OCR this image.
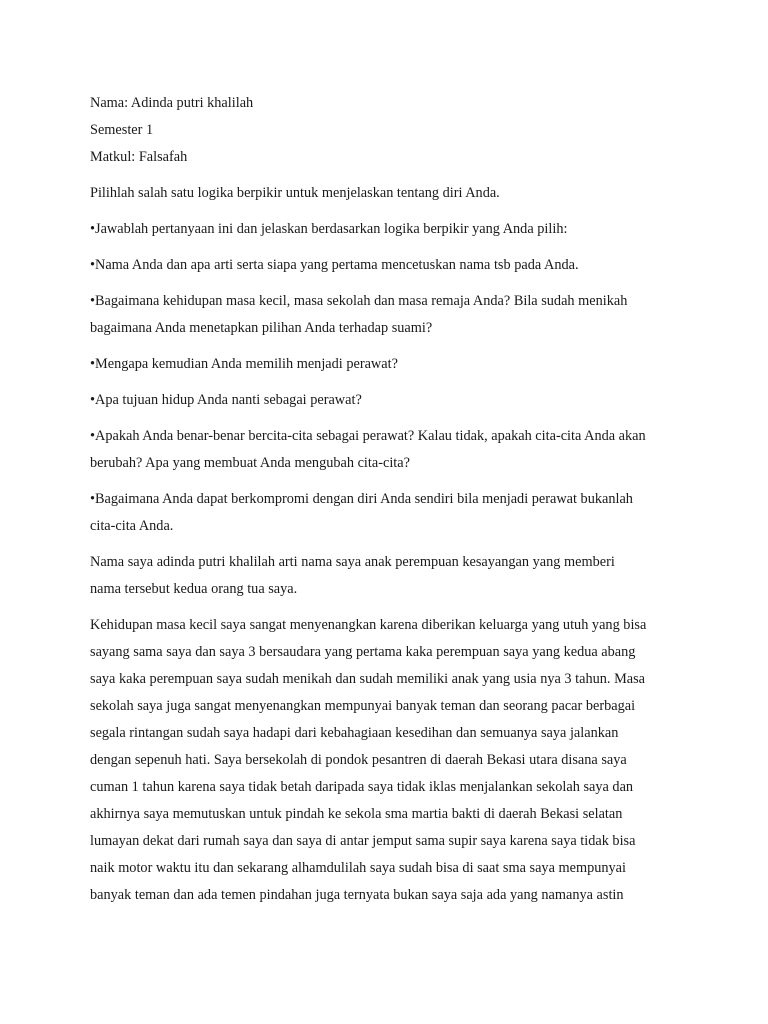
Nama: Adinda putri khalilah

Semester 1

Matkul: Falsafah

Pilihlah salah satu logika berpikir untuk menjelaskan tentang diri Anda.

•Jawablah pertanyaan ini dan jelaskan berdasarkan logika berpikir yang Anda pilih:

•Nama Anda dan apa arti serta siapa yang pertama mencetuskan nama tsb pada Anda.

•Bagaimana kehidupan masa kecil, masa sekolah dan masa remaja Anda? Bila sudah menikah

bagaimana Anda menetapkan pilihan Anda terhadap suami?

•Mengapa kemudian Anda memilih menjadi perawat?

•Apa tujuan hidup Anda nanti sebagai perawat?

•Apakah Anda benar-benar bercita-cita sebagai perawat? Kalau tidak, apakah cita-cita Anda akan

berubah? Apa yang membuat Anda mengubah cita-cita?

•Bagaimana Anda dapat berkompromi dengan diri Anda sendiri bila menjadi perawat bukanlah

cita-cita Anda.

Nama saya adinda putri khalilah arti nama saya anak perempuan kesayangan yang memberi

nama tersebut kedua orang tua saya.

Kehidupan masa kecil saya sangat menyenangkan karena diberikan keluarga yang utuh yang bisa

sayang sama saya dan saya 3 bersaudara yang pertama kaka perempuan saya yang kedua abang

saya kaka perempuan saya sudah menikah dan sudah memiliki anak yang usia nya 3 tahun. Masa

sekolah saya juga sangat menyenangkan mempunyai banyak teman dan seorang pacar berbagai

segala rintangan sudah saya hadapi dari kebahagiaan kesedihan dan semuanya saya jalankan

dengan sepenuh hati. Saya bersekolah di pondok pesantren di daerah Bekasi utara disana saya

cuman 1 tahun karena saya tidak betah daripada saya tidak iklas menjalankan sekolah saya dan

akhirnya saya memutuskan untuk pindah ke sekola sma martia bakti di daerah Bekasi selatan

lumayan dekat dari rumah saya dan saya di antar jemput sama supir saya karena saya tidak bisa

naik motor waktu itu dan sekarang alhamdulilah saya sudah bisa di saat sma saya mempunyai

banyak teman dan ada temen pindahan juga ternyata bukan saya saja ada yang namanya astin
